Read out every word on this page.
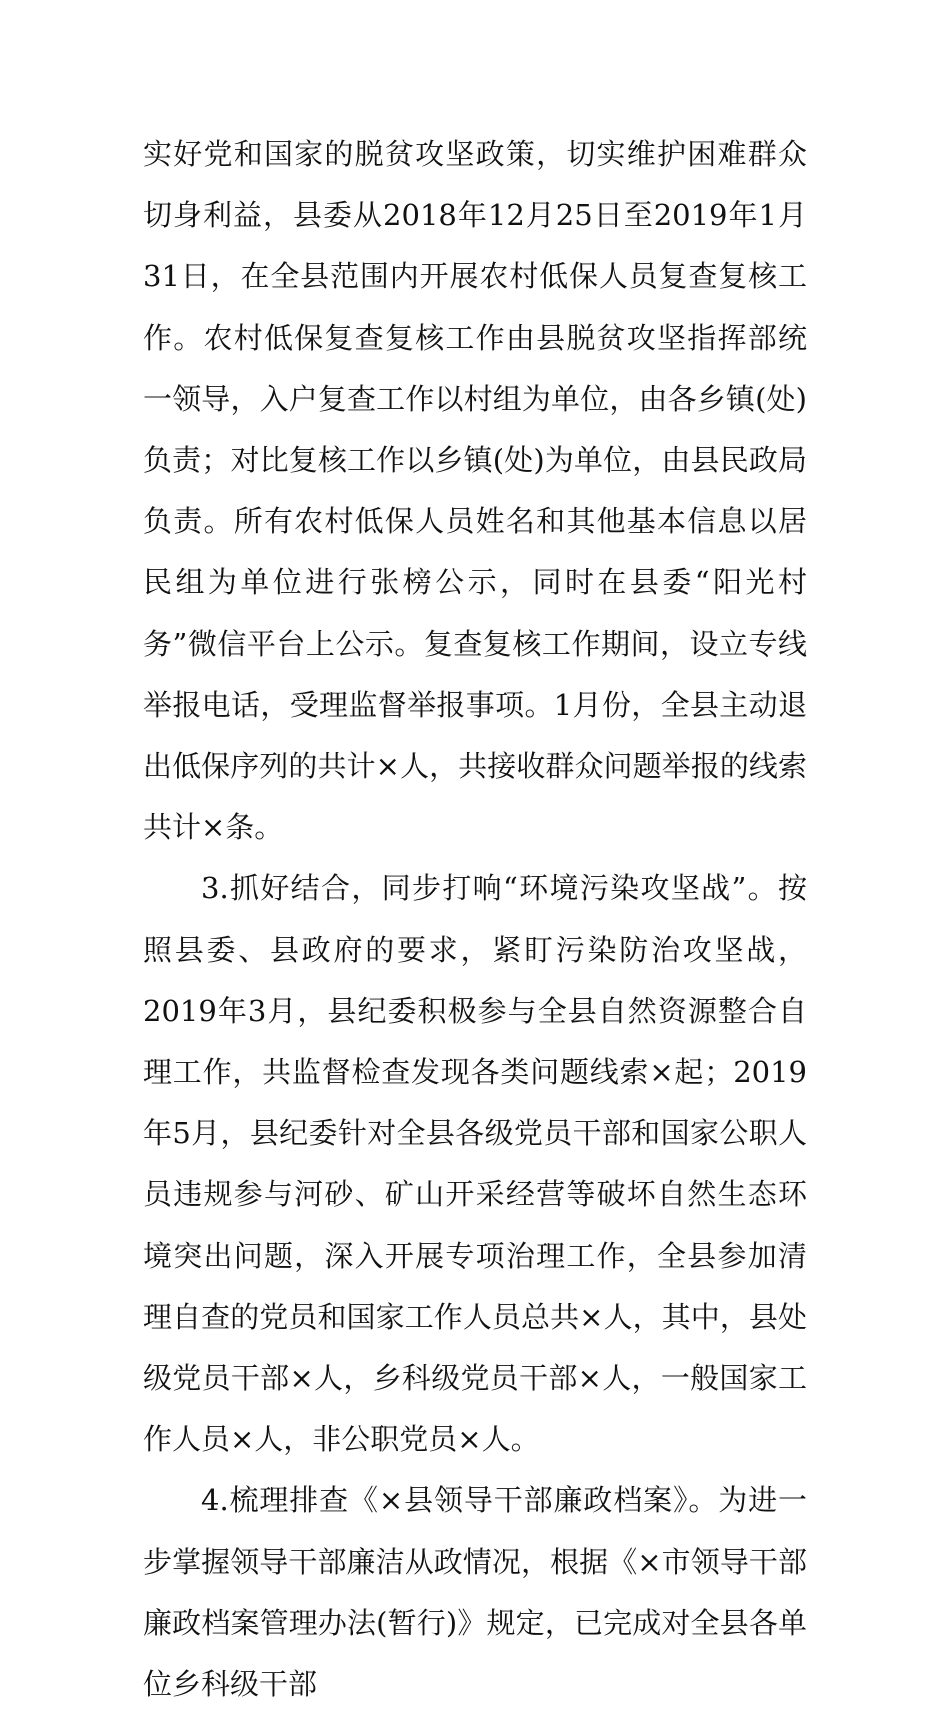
实好党和国家的脱贫攻坚政策，切实维护困难群众切身利益，县委从2018年12月25日至2019年1月31日，在全县范围内开展农村低保人员复查复核工作。农村低保复查复核工作由县脱贫攻坚指挥部统一领导，入户复查工作以村组为单位，由各乡镇(处)负责；对比复核工作以乡镇(处)为单位，由县民政局负责。所有农村低保人员姓名和其他基本信息以居民组为单位进行张榜公示，同时在县委“阳光村务”微信平台上公示。复查复核工作期间，设立专线举报电话，受理监督举报事项。1月份，全县主动退出低保序列的共计×人，共接收群众问题举报的线索共计×条。

3.抓好结合，同步打响“环境污染攻坚战”。按照县委、县政府的要求，紧盯污染防治攻坚战，2019年3月，县纪委积极参与全县自然资源整合自理工作，共监督检查发现各类问题线索×起；2019年5月，县纪委针对全县各级党员干部和国家公职人员违规参与河砂、矿山开采经营等破坏自然生态环境突出问题，深入开展专项治理工作，全县参加清理自查的党员和国家工作人员总共×人，其中，县处级党员干部×人，乡科级党员干部×人，一般国家工作人员×人，非公职党员×人。

4.梳理排查《×县领导干部廉政档案》。为进一步掌握领导干部廉洁从政情况，根据《×市领导干部廉政档案管理办法(暂行)》规定，已完成对全县各单位乡科级干部
